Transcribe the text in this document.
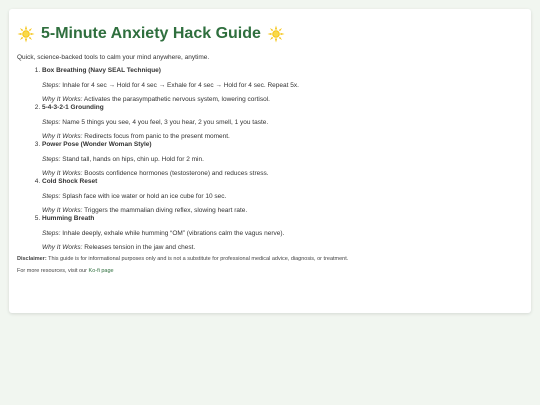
5-Minute Anxiety Hack Guide
Quick, science-backed tools to calm your mind anywhere, anytime.
1. Box Breathing (Navy SEAL Technique)
Steps: Inhale for 4 sec → Hold for 4 sec → Exhale for 4 sec → Hold for 4 sec. Repeat 5x.
Why It Works: Activates the parasympathetic nervous system, lowering cortisol.
2. 5-4-3-2-1 Grounding
Steps: Name 5 things you see, 4 you feel, 3 you hear, 2 you smell, 1 you taste.
Why It Works: Redirects focus from panic to the present moment.
3. Power Pose (Wonder Woman Style)
Steps: Stand tall, hands on hips, chin up. Hold for 2 min.
Why It Works: Boosts confidence hormones (testosterone) and reduces stress.
4. Cold Shock Reset
Steps: Splash face with ice water or hold an ice cube for 10 sec.
Why It Works: Triggers the mammalian diving reflex, slowing heart rate.
5. Humming Breath
Steps: Inhale deeply, exhale while humming “OM” (vibrations calm the vagus nerve).
Why It Works: Releases tension in the jaw and chest.
Disclaimer: This guide is for informational purposes only and is not a substitute for professional medical advice, diagnosis, or treatment.
For more resources, visit our Ko-fi page
